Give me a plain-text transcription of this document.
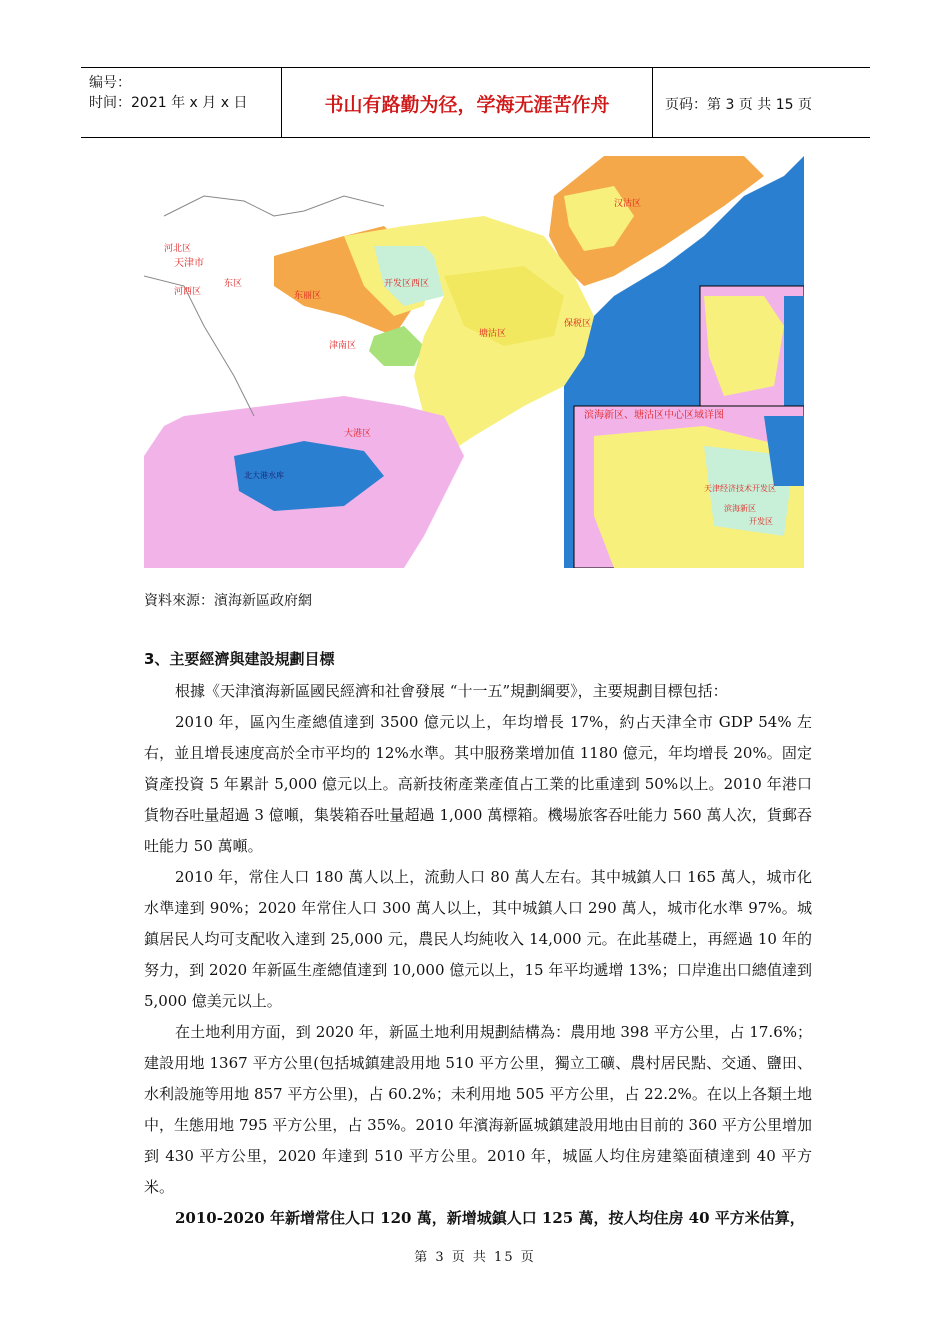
编号：
时间：2021 年 x 月 x 日	书山有路勤为径，学海无涯苦作舟	页码：第 3 页 共 15 页
河北区
天津市
东区
河西区	东丽区
津南区
大港区
汉沽区
塘沽区
开发区西区
保税区
北大港水库
滨海新区、塘沽区中心区域详图
天津经济技术开发区
滨海新区
开发区
資料來源：濱海新區政府網
3、主要經濟與建設規劃目標
根據《天津濱海新區國民經濟和社會發展 “十一五”規劃綱要》，主要規劃目標包括：
2010 年，區內生產總值達到 3500 億元以上，年均增長 17%，約占天津全市 GDP 54% 左右，並且增長速度高於全市平均的 12%水準。其中服務業增加值 1180 億元，年均增長 20%。固定資產投資 5 年累計 5,000 億元以上。高新技術產業產值占工業的比重達到 50%以上。2010 年港口貨物吞吐量超過 3 億噸，集裝箱吞吐量超過 1,000 萬標箱。機場旅客吞吐能力 560 萬人次，貨郵吞吐能力 50 萬噸。
2010 年，常住人口 180 萬人以上，流動人口 80 萬人左右。其中城鎮人口 165 萬人，城市化水準達到 90%；2020 年常住人口 300 萬人以上，其中城鎮人口 290 萬人，城市化水準 97%。城鎮居民人均可支配收入達到 25,000 元，農民人均純收入 14,000 元。在此基礎上，再經過 10 年的努力，到 2020 年新區生產總值達到 10,000 億元以上，15 年平均遞增 13%；口岸進出口總值達到 5,000 億美元以上。
在土地利用方面，到 2020 年，新區土地利用規劃結構為：農用地 398 平方公里，占 17.6%；建設用地 1367 平方公里(包括城鎮建設用地 510 平方公里，獨立工礦、農村居民點、交通、鹽田、水利設施等用地 857 平方公里)，占 60.2%；未利用地 505 平方公里，占 22.2%。在以上各類土地中，生態用地 795 平方公里，占 35%。2010 年濱海新區城鎮建設用地由目前的 360 平方公里增加到 430 平方公里，2020 年達到 510 平方公里。2010 年，城區人均住房建築面積達到 40 平方米。
2010-2020 年新增常住人口 120 萬，新增城鎮人口 125 萬，按人均住房 40 平方米估算，
第 3 页 共 15 页
